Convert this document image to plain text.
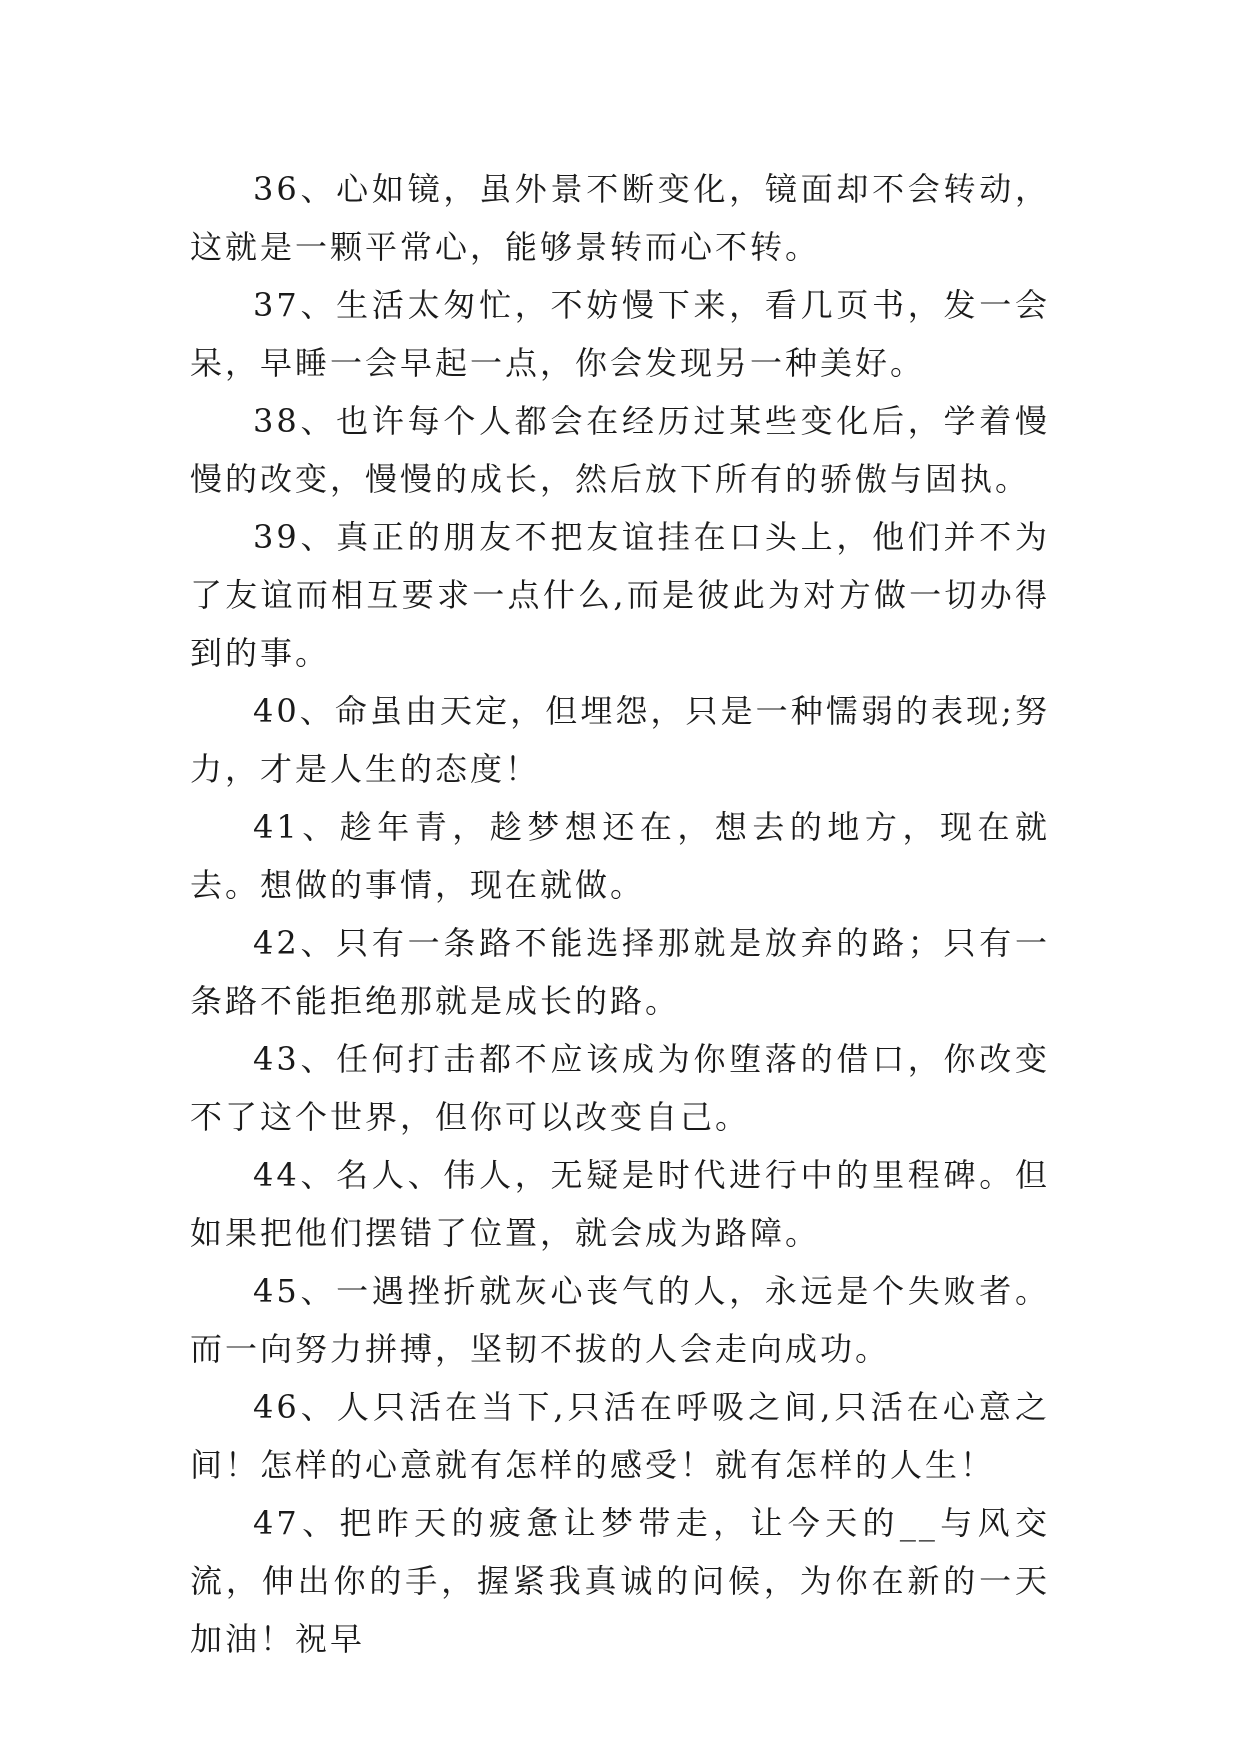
36、心如镜，虽外景不断变化，镜面却不会转动，这就是一颗平常心，能够景转而心不转。

37、生活太匆忙，不妨慢下来，看几页书，发一会呆，早睡一会早起一点，你会发现另一种美好。

38、也许每个人都会在经历过某些变化后，学着慢慢的改变，慢慢的成长，然后放下所有的骄傲与固执。

39、真正的朋友不把友谊挂在口头上，他们并不为了友谊而相互要求一点什么,而是彼此为对方做一切办得到的事。

40、命虽由天定，但埋怨，只是一种懦弱的表现;努力，才是人生的态度！

41、趁年青，趁梦想还在，想去的地方，现在就去。想做的事情，现在就做。

42、只有一条路不能选择那就是放弃的路；只有一条路不能拒绝那就是成长的路。

43、任何打击都不应该成为你堕落的借口，你改变不了这个世界，但你可以改变自己。

44、名人、伟人，无疑是时代进行中的里程碑。但如果把他们摆错了位置，就会成为路障。

45、一遇挫折就灰心丧气的人，永远是个失败者。而一向努力拼搏，坚韧不拔的人会走向成功。

46、人只活在当下,只活在呼吸之间,只活在心意之间！怎样的心意就有怎样的感受！就有怎样的人生！

47、把昨天的疲惫让梦带走，让今天的__与风交流，伸出你的手，握紧我真诚的问候，为你在新的一天加油！祝早
